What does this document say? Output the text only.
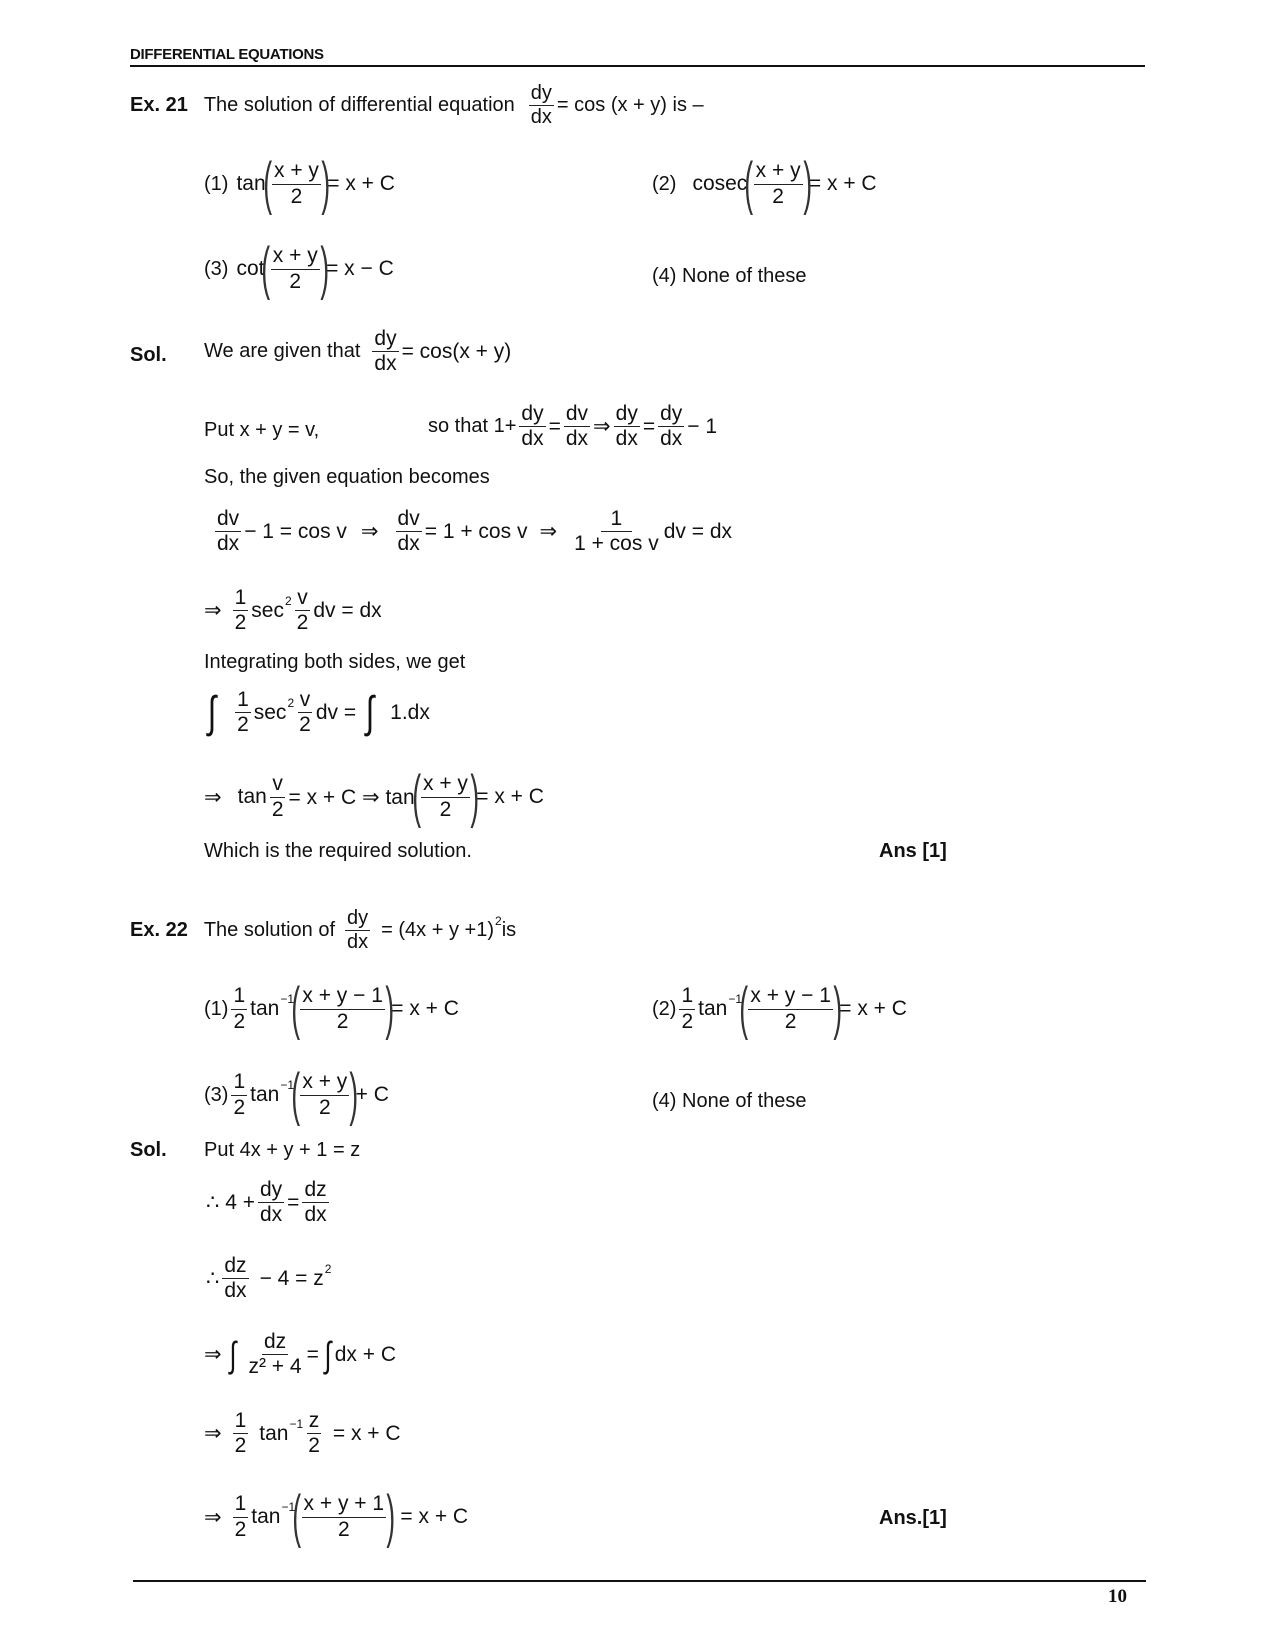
DIFFERENTIAL EQUATIONS
Ex. 21 The solution of differential equation $\frac{dy}{dx} = \cos (x + y)$ is –
(1) tan
( $\frac{x + y}{2}$ )
= x + C	(2) cosec
( $\frac{x + y}{2}$ )
= x + C
(3) cot
( $\frac{x + y}{2}$ )
= x − C	(4) None of these
Sol. We are given that $\frac{dy}{dx} = \cos(x + y)$
Put x + y = v,	so that $1+ \frac{dy}{dx} = \frac{dv}{dx}$ ⇒ $\frac{dy}{dx} = \frac{dy}{dx} - 1$
So, the given equation becomes
$\frac{dv}{dx} - 1 = \cos v$ ⇒ $\frac{dv}{dx} = 1 + \cos v$ ⇒ $\frac{1}{\text{1 + cos v}}$ dv = dx
⇒ $\frac{1}{2}$ $\sec 2 \frac{v}{2}$ dv = dx
Integrating both sides, we get
∫ $\frac{1}{2}$ $\sec 2 \frac{v}{2}$ dv = ∫ 1.dx
⇒ $\tan \frac{v}{2} = x + C$ ⇒ tan
( $\frac{x + y}{2}$ )
= x + C
Which is the required solution.	Ans [1]
Ex. 22 The solution of $\frac{dy}{dx} = (4x + y +1)$ 2 is
$(1) \frac{1}{2}$ tan −1
( $\frac{x + y - 1}{2}$ )
= x + C	$(2) \frac{1}{2}$ tan −1
( $\frac{x + y - 1}{2}$ )
= x + C
$(3) \frac{1}{2}$ tan −1
( $\frac{x + y}{2}$ )
+ C	(4) None of these
Sol. Put 4x + y + 1 = z
∴ $4 + \frac{dy}{dx} = \frac{dz}{dx}$
∴ $\frac{dz}{dx} - 4 = z$ 2
⇒ ∫ $\frac{dz}{\text{z² + 4}}$ = ∫ dx + C
⇒ $\frac{1}{2}$ $\tan -1 \frac{z}{2} = x + C$
⇒ $\frac{1}{2}$ tan −1
( $\frac{x + y + 1}{2}$ ) = x + C	Ans.[1]
10
